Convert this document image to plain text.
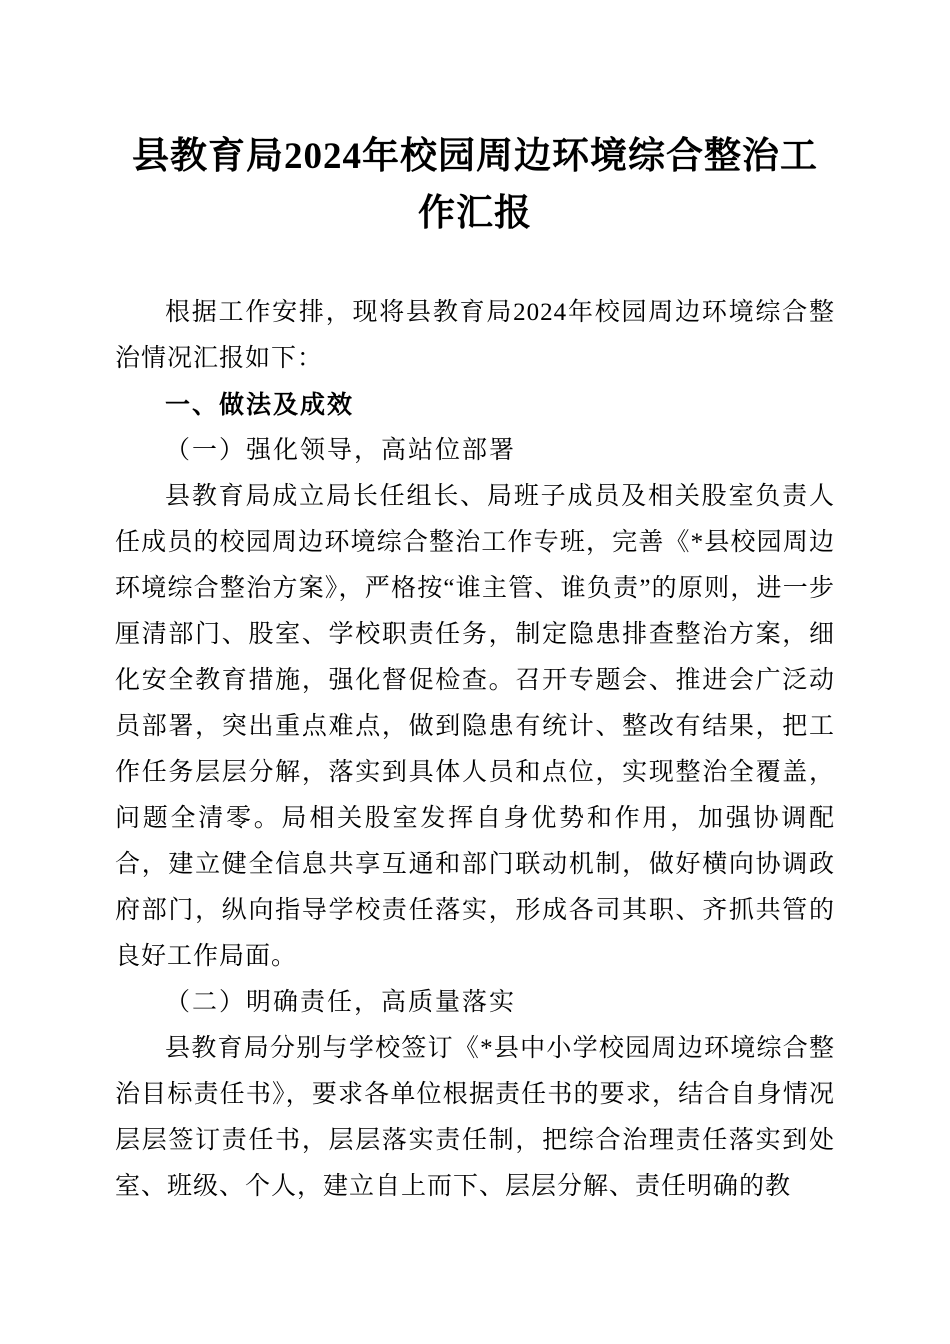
县教育局2024年校园周边环境综合整治工作汇报

根据工作安排，现将县教育局2024年校园周边环境综合整治情况汇报如下：

一、做法及成效

（一）强化领导，高站位部署

县教育局成立局长任组长、局班子成员及相关股室负责人任成员的校园周边环境综合整治工作专班，完善《*县校园周边环境综合整治方案》，严格按“谁主管、谁负责”的原则，进一步厘清部门、股室、学校职责任务，制定隐患排查整治方案，细化安全教育措施，强化督促检查。召开专题会、推进会广泛动员部署，突出重点难点，做到隐患有统计、整改有结果，把工作任务层层分解，落实到具体人员和点位，实现整治全覆盖，问题全清零。局相关股室发挥自身优势和作用，加强协调配合，建立健全信息共享互通和部门联动机制，做好横向协调政府部门，纵向指导学校责任落实，形成各司其职、齐抓共管的良好工作局面。

（二）明确责任，高质量落实

县教育局分别与学校签订《*县中小学校园周边环境综合整治目标责任书》，要求各单位根据责任书的要求，结合自身情况层层签订责任书，层层落实责任制，把综合治理责任落实到处室、班级、个人，建立自上而下、层层分解、责任明确的教
